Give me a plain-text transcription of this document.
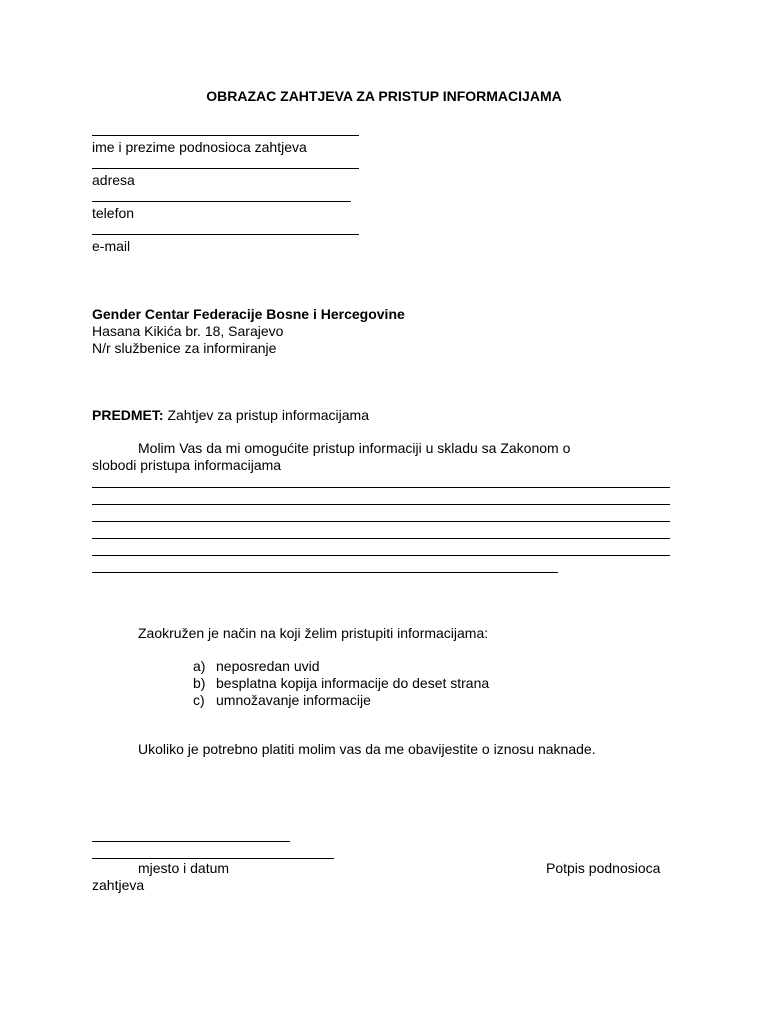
OBRAZAC ZAHTJEVA ZA PRISTUP INFORMACIJAMA
ime i prezime podnosioca zahtjeva
adresa
telefon
e-mail
Gender Centar Federacije Bosne i Hercegovine
Hasana Kikića br. 18, Sarajevo
N/r službenice za informiranje
PREDMET: Zahtjev za pristup informacijama
Molim Vas da mi omogućite pristup informaciji u skladu sa Zakonom o
slobodi pristupa informacijama
Zaokružen je način na koji želim pristupiti informacijama:
a) neposredan uvid
b) besplatna kopija informacije do deset strana
c) umnožavanje informacije
Ukoliko je potrebno platiti molim vas da me obavijestite o iznosu naknade.
mjesto i datum	Potpis podnosioca
zahtjeva
